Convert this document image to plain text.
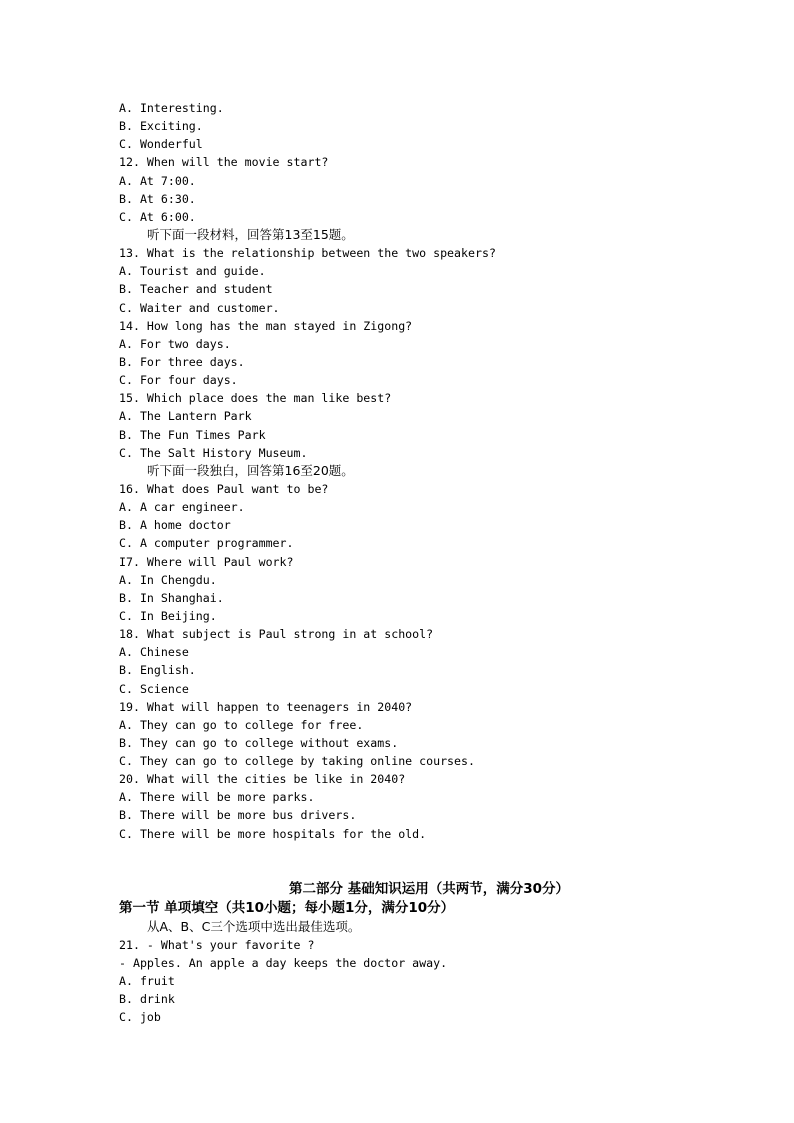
A. Interesting.
B. Exciting.
C. Wonderful
12. When will the movie start?
A. At 7:00.
B. At 6:30.
C. At 6:00.
听下面一段材料，回答第13至15题。
13. What is the relationship between the two speakers?
A. Tourist and guide.
B. Teacher and student
C. Waiter and customer.
14. How long has the man stayed in Zigong?
A. For two days.
B. For three days.
C. For four days.
15. Which place does the man like best?
A. The Lantern Park
B. The Fun Times Park
C. The Salt History Museum.
听下面一段独白，回答第16至20题。
16. What does Paul want to be?
A. A car engineer.
B. A home doctor
C. A computer programmer.
I7. Where will Paul work?
A. In Chengdu.
B. In Shanghai.
C. In Beijing.
18. What subject is Paul strong in at school?
A. Chinese
B. English.
C. Science
19. What will happen to teenagers in 2040?
A. They can go to college for free.
B. They can go to college without exams.
C. They can go to college by taking online courses.
20. What will the cities be like in 2040?
A. There will be more parks.
B. There will be more bus drivers.
C. There will be more hospitals for the old.
第二部分 基础知识运用（共两节，满分30分）
第一节 单项填空（共10小题；每小题1分，满分10分）
从A、B、C三个选项中选出最佳选项。
21. - What's your favorite ?
- Apples. An apple a day keeps the doctor away.
A. fruit
B. drink
C. job
